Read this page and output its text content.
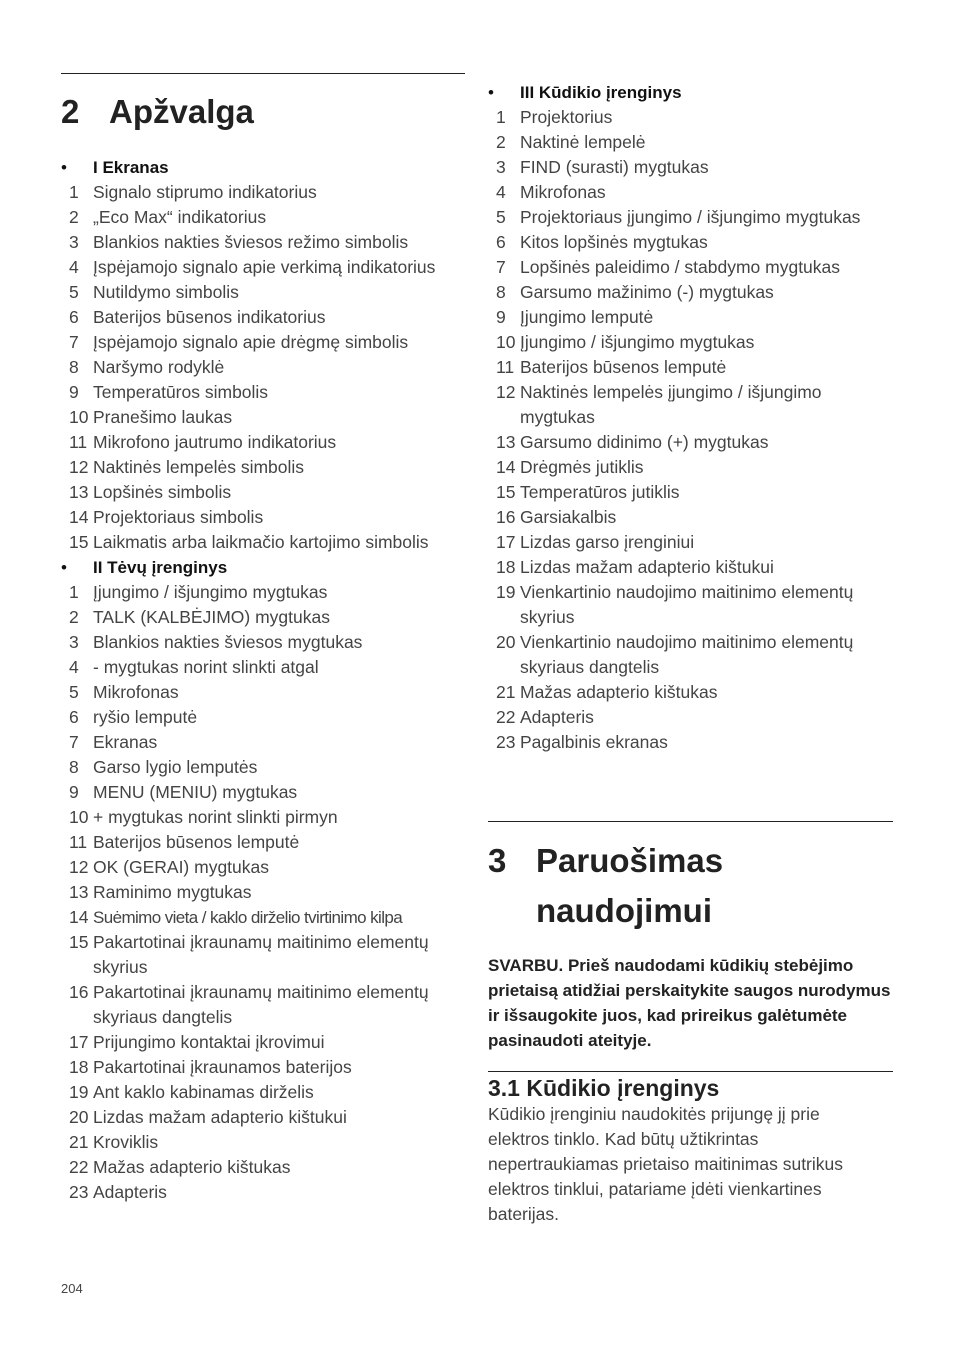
2 Apžvalga
•	I Ekranas
1 Signalo stiprumo indikatorius
2 „Eco Max“ indikatorius
3 Blankios nakties šviesos režimo simbolis
4 Įspėjamojo signalo apie verkimą indikatorius
5 Nutildymo simbolis
6 Baterijos būsenos indikatorius
7 Įspėjamojo signalo apie drėgmę simbolis
8 Naršymo rodyklė
9 Temperatūros simbolis
10 Pranešimo laukas
11 Mikrofono jautrumo indikatorius
12 Naktinės lempelės simbolis
13 Lopšinės simbolis
14 Projektoriaus simbolis
15 Laikmatis arba laikmačio kartojimo simbolis
•	II Tėvų įrenginys
1 Įjungimo / išjungimo mygtukas
2 TALK (KALBĖJIMO) mygtukas
3 Blankios nakties šviesos mygtukas
4 - mygtukas norint slinkti atgal
5 Mikrofonas
6 ryšio lemputė
7 Ekranas
8 Garso lygio lemputės
9 MENU (MENIU) mygtukas
10 + mygtukas norint slinkti pirmyn
11 Baterijos būsenos lemputė
12 OK (GERAI) mygtukas
13 Raminimo mygtukas
14 Suėmimo vieta / kaklo dirželio tvirtinimo kilpa
15 Pakartotinai įkraunamų maitinimo elementų skyrius
16 Pakartotinai įkraunamų maitinimo elementų skyriaus dangtelis
17 Prijungimo kontaktai įkrovimui
18 Pakartotinai įkraunamos baterijos
19 Ant kaklo kabinamas dirželis
20 Lizdas mažam adapterio kištukui
21 Kroviklis
22 Mažas adapterio kištukas
23 Adapteris
•	III Kūdikio įrenginys
1 Projektorius
2 Naktinė lempelė
3 FIND (surasti) mygtukas
4 Mikrofonas
5 Projektoriaus įjungimo / išjungimo mygtukas
6 Kitos lopšinės mygtukas
7 Lopšinės paleidimo / stabdymo mygtukas
8 Garsumo mažinimo (-) mygtukas
9 Įjungimo lemputė
10 Įjungimo / išjungimo mygtukas
11 Baterijos būsenos lemputė
12 Naktinės lempelės įjungimo / išjungimo mygtukas
13 Garsumo didinimo (+) mygtukas
14 Drėgmės jutiklis
15 Temperatūros jutiklis
16 Garsiakalbis
17 Lizdas garso įrenginiui
18 Lizdas mažam adapterio kištukui
19 Vienkartinio naudojimo maitinimo elementų skyrius
20 Vienkartinio naudojimo maitinimo elementų skyriaus dangtelis
21 Mažas adapterio kištukas
22 Adapteris
23 Pagalbinis ekranas
3 Paruošimas
naudojimui

SVARBU. Prieš naudodami kūdikių stebėjimo prietaisą atidžiai perskaitykite saugos nurodymus ir išsaugokite juos, kad prireikus galėtumėte pasinaudoti ateityje.

3.1 Kūdikio įrenginys

Kūdikio įrenginiu naudokitės prijungę jį prie elektros tinklo. Kad būtų užtikrintas nepertraukiamas prietaiso maitinimas sutrikus elektros tinklui, patariame įdėti vienkartines baterijas.

204
